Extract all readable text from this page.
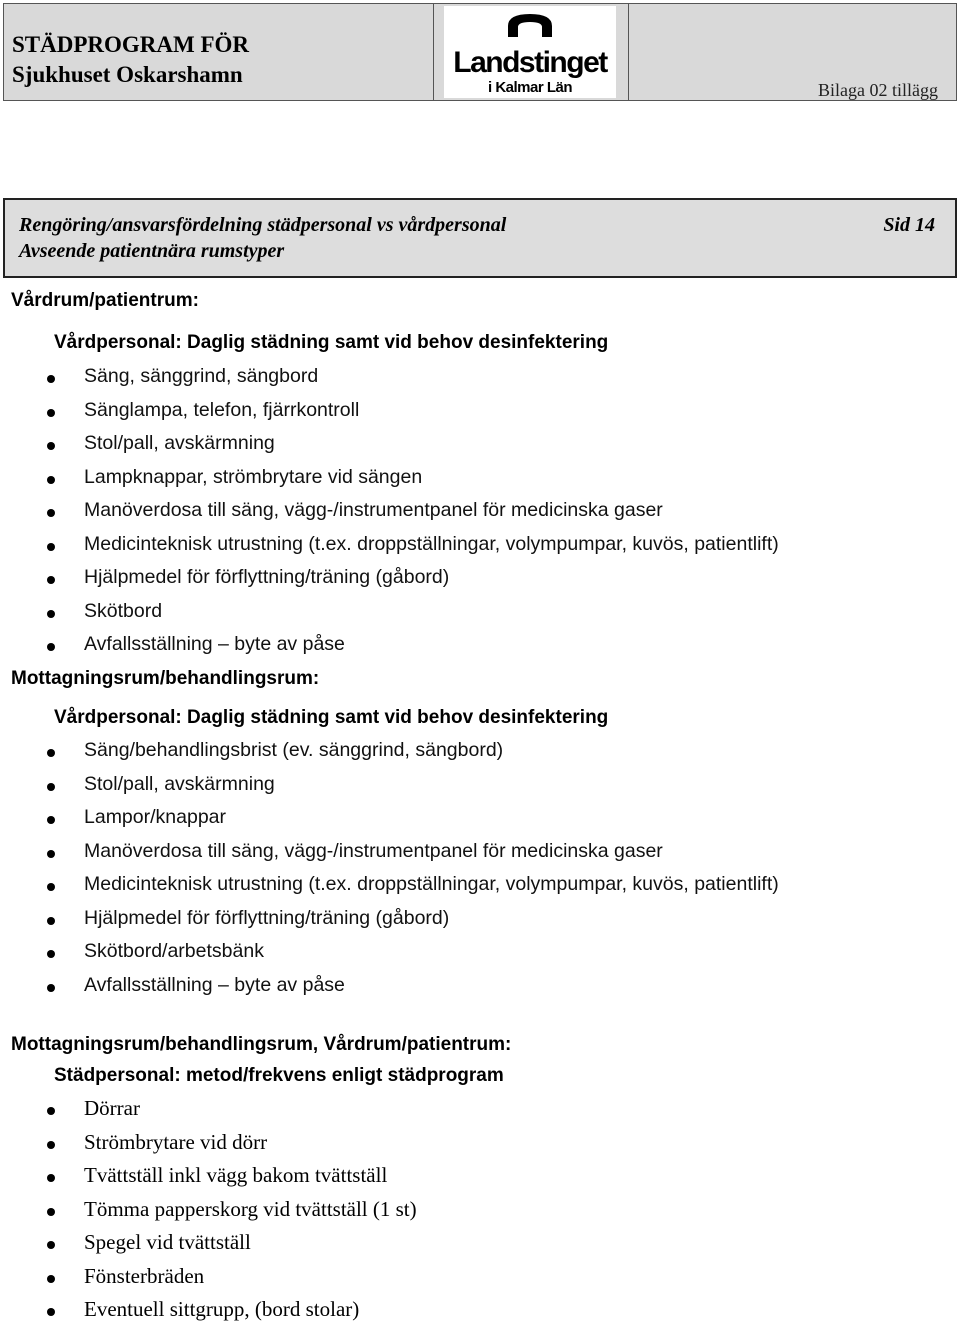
STÄDPROGRAM FÖR
Sjukhuset Oskarshamn	Landstinget
i Kalmar Län	Bilaga 02 tillägg
Rengöring/ansvarsfördelning städpersonal vs vårdpersonal
Avseende patientnära rumstyper
Sid 14
Vårdrum/patientrum:
Vårdpersonal: Daglig städning samt vid behov desinfektering
Säng, sänggrind, sängbord
Sänglampa, telefon, fjärrkontroll
Stol/pall, avskärmning
Lampknappar, strömbrytare vid sängen
Manöverdosa till säng, vägg-/instrumentpanel för medicinska gaser
Medicinteknisk utrustning (t.ex. droppställningar, volympumpar, kuvös, patientlift)
Hjälpmedel för förflyttning/träning (gåbord)
Skötbord
Avfallsställning – byte av påse
Mottagningsrum/behandlingsrum:
Vårdpersonal: Daglig städning samt vid behov desinfektering
Säng/behandlingsbrist (ev. sänggrind, sängbord)
Stol/pall, avskärmning
Lampor/knappar
Manöverdosa till säng, vägg-/instrumentpanel för medicinska gaser
Medicinteknisk utrustning (t.ex. droppställningar, volympumpar, kuvös, patientlift)
Hjälpmedel för förflyttning/träning (gåbord)
Skötbord/arbetsbänk
Avfallsställning – byte av påse
Mottagningsrum/behandlingsrum, Vårdrum/patientrum:
Städpersonal: metod/frekvens enligt städprogram
Dörrar
Strömbrytare vid dörr
Tvättställ inkl vägg bakom tvättställ
Tömma papperskorg vid tvättställ (1 st)
Spegel vid tvättställ
Fönsterbräden
Eventuell sittgrupp, (bord stolar)
